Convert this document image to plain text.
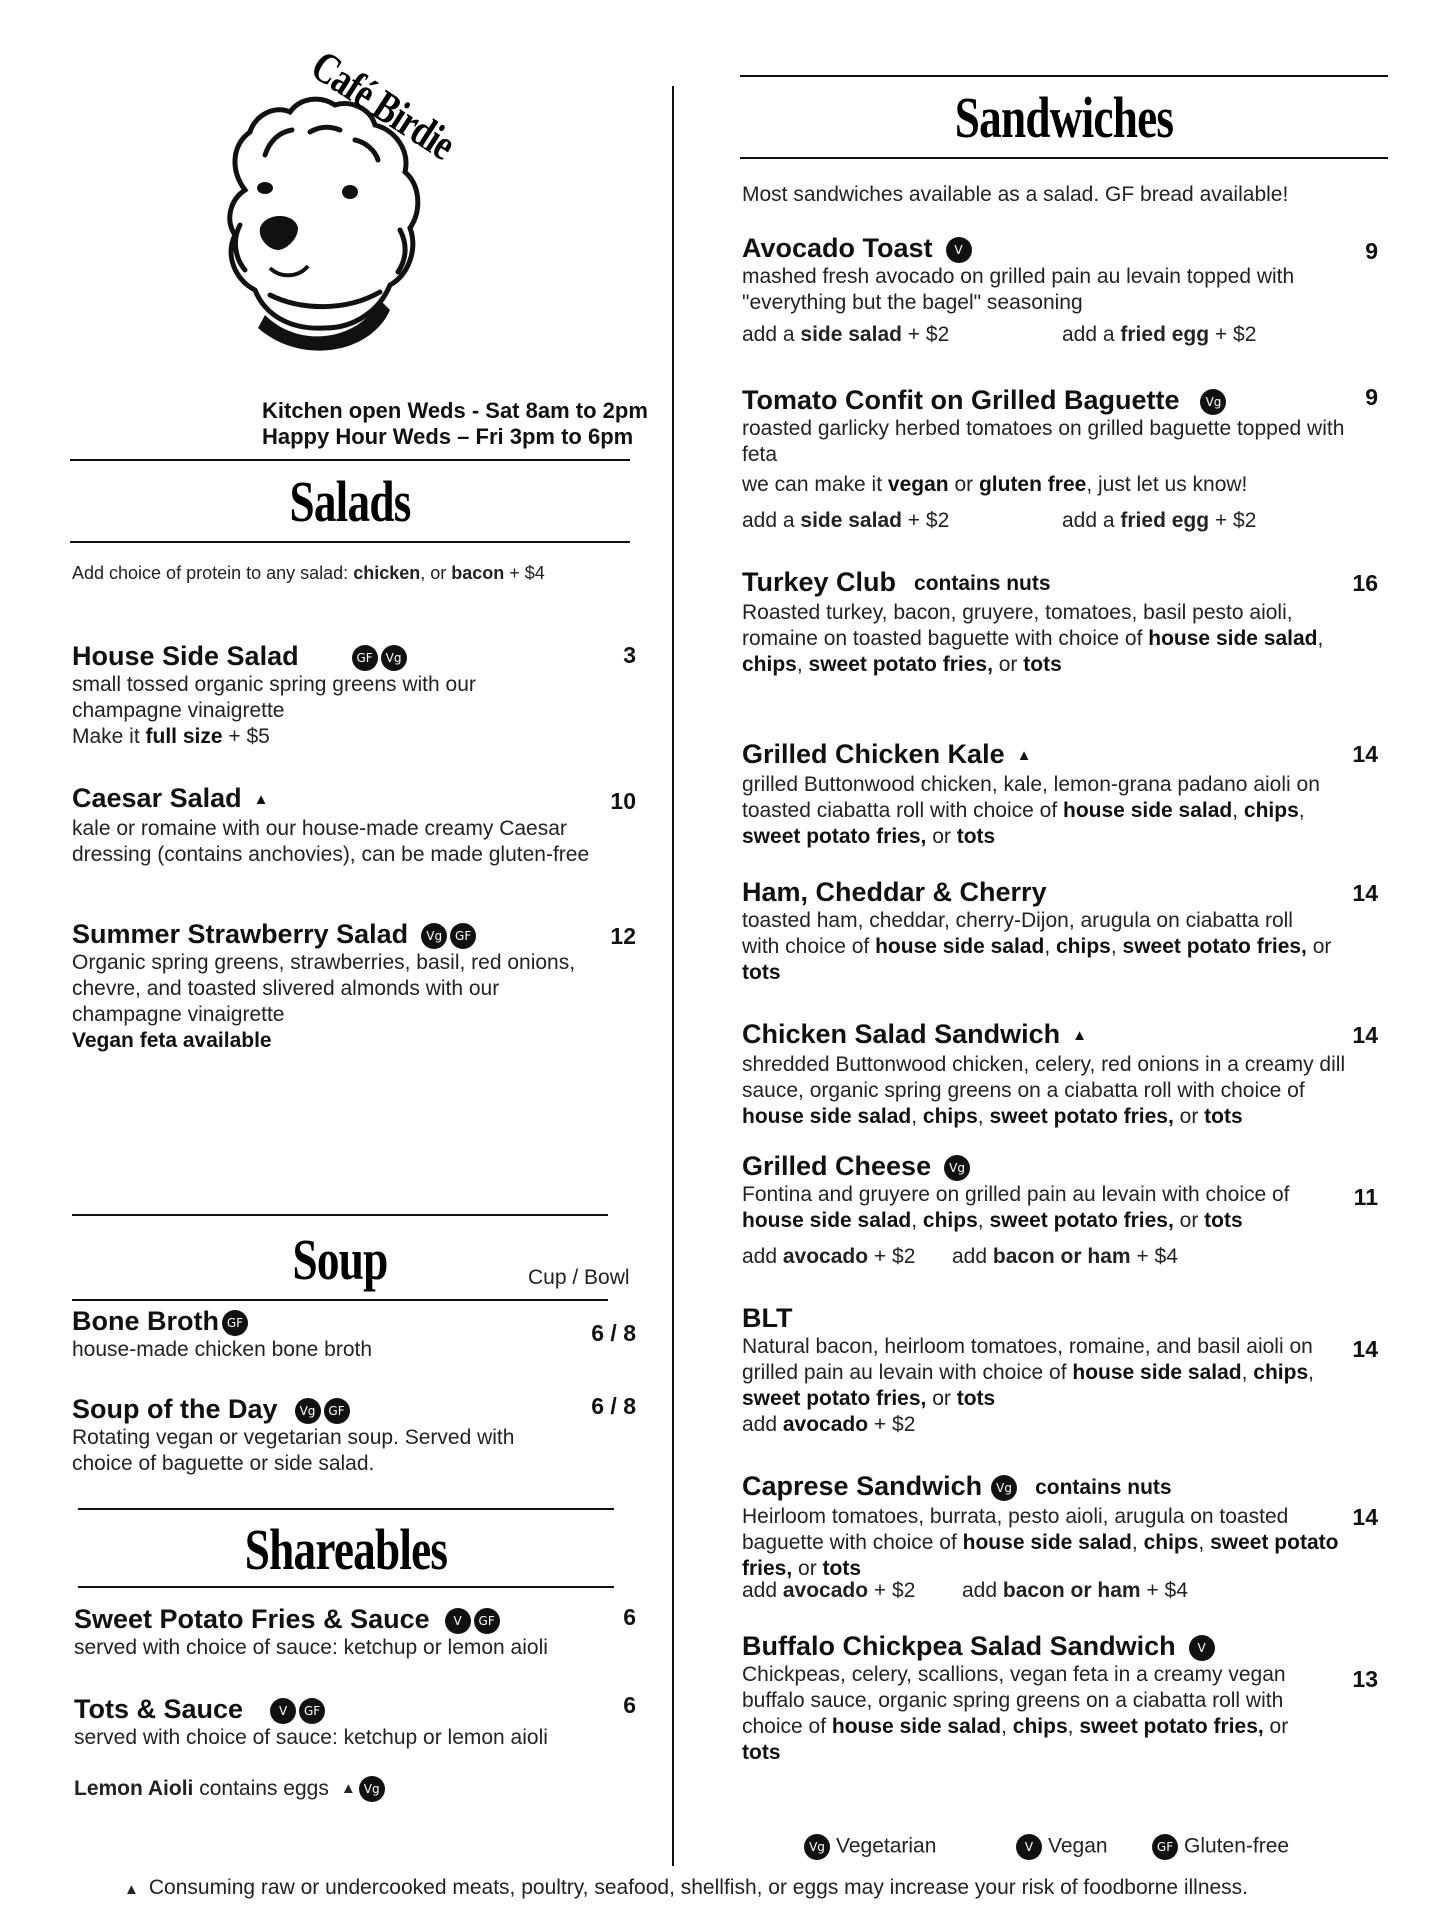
Café Birdie
Kitchen open Weds - Sat 8am to 2pm
Happy Hour Weds – Fri 3pm to 6pm
Salads
Add choice of protein to any salad: chicken, or bacon + $4
House Side Salad	GF Vg
small tossed organic spring greens with our champagne vinaigrette
Make it full size + $5
3
Caesar Salad ▲
kale or romaine with our house-made creamy Caesar dressing (contains anchovies), can be made gluten-free
10
Summer Strawberry Salad Vg GF
Organic spring greens, strawberries, basil, red onions, chevre, and toasted slivered almonds with our champagne vinaigrette
Vegan feta available
12
Soup	Cup / Bowl
Bone Broth GF
house-made chicken bone broth
6 / 8
Soup of the Day Vg GF
Rotating vegan or vegetarian soup. Served with choice of baguette or side salad.
6 / 8
Shareables
Sweet Potato Fries & Sauce V GF
served with choice of sauce: ketchup or lemon aioli
6
Tots & Sauce	V GF
served with choice of sauce: ketchup or lemon aioli
6
Lemon Aioli contains eggs ▲ Vg
Sandwiches
Most sandwiches available as a salad. GF bread available!
Avocado Toast V
mashed fresh avocado on grilled pain au levain topped with "everything but the bagel" seasoning
9
add a side salad + $2	add a fried egg + $2
Tomato Confit on Grilled Baguette Vg
roasted garlicky herbed tomatoes on grilled baguette topped with feta
we can make it vegan or gluten free, just let us know!
9
add a side salad + $2	add a fried egg + $2
Turkey Club contains nuts
Roasted turkey, bacon, gruyere, tomatoes, basil pesto aioli, romaine on toasted baguette with choice of house side salad, chips, sweet potato fries, or tots
16
Grilled Chicken Kale ▲
grilled Buttonwood chicken, kale, lemon-grana padano aioli on toasted ciabatta roll with choice of house side salad, chips, sweet potato fries, or tots
14
Ham, Cheddar & Cherry
toasted ham, cheddar, cherry-Dijon, arugula on ciabatta roll with choice of house side salad, chips, sweet potato fries, or tots
14
Chicken Salad Sandwich ▲
shredded Buttonwood chicken, celery, red onions in a creamy dill sauce, organic spring greens on a ciabatta roll with choice of house side salad, chips, sweet potato fries, or tots
14
Grilled Cheese Vg
Fontina and gruyere on grilled pain au levain with choice of house side salad, chips, sweet potato fries, or tots
11
add avocado + $2 add bacon or ham + $4
BLT
Natural bacon, heirloom tomatoes, romaine, and basil aioli on grilled pain au levain with choice of house side salad, chips, sweet potato fries, or tots
add avocado + $2
14
Caprese Sandwich Vg contains nuts
Heirloom tomatoes, burrata, pesto aioli, arugula on toasted baguette with choice of house side salad, chips, sweet potato fries, or tots
14
add avocado + $2 add bacon or ham + $4
Buffalo Chickpea Salad Sandwich V
Chickpeas, celery, scallions, vegan feta in a creamy vegan buffalo sauce, organic spring greens on a ciabatta roll with choice of house side salad, chips, sweet potato fries, or tots
13
Vg Vegetarian	V Vegan	GF Gluten-free
▲ Consuming raw or undercooked meats, poultry, seafood, shellfish, or eggs may increase your risk of foodborne illness.
